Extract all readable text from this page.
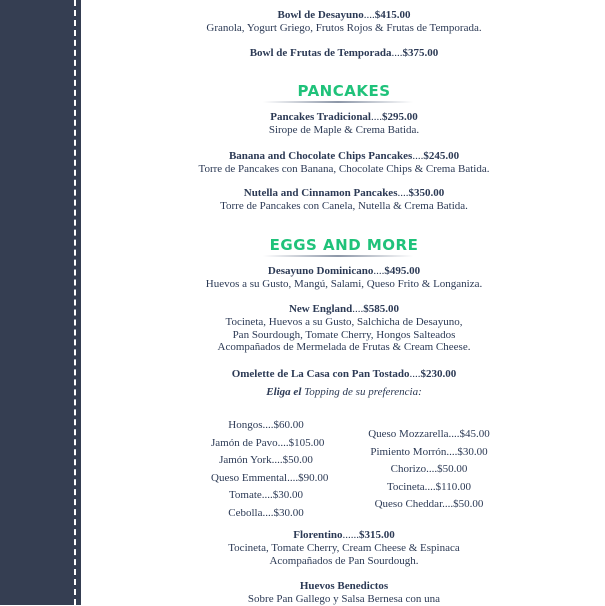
Bowl de Desayuno....$415.00
Granola, Yogurt Griego, Frutos Rojos & Frutas de Temporada.
Bowl de Frutas de Temporada....$375.00
PANCAKES
Pancakes Tradicional....$295.00
Sirope de Maple & Crema Batida.
Banana and Chocolate Chips Pancakes....$245.00
Torre de Pancakes con Banana, Chocolate Chips & Crema Batida.
Nutella and Cinnamon Pancakes....$350.00
Torre de Pancakes con Canela, Nutella & Crema Batida.
EGGS AND MORE
Desayuno Dominicano....$495.00
Huevos a su Gusto, Mangú, Salami, Queso Frito & Longaniza.
New England....$585.00
Tocineta, Huevos a su Gusto, Salchicha de Desayuno,
Pan Sourdough, Tomate Cherry, Hongos Salteados
Acompañados de Mermelada de Frutas & Cream Cheese.
Omelette de La Casa con Pan Tostado....$230.00
Eliga el Topping de su preferencia:
Hongos....$60.00
Jamón de Pavo....$105.00
Jamón York....$50.00
Queso Emmental....$90.00
Tomate....$30.00
Cebolla....$30.00
Queso Mozzarella....$45.00
Pimiento Morrón....$30.00
Chorizo....$50.00
Tocineta....$110.00
Queso Cheddar....$50.00
Florentino......$315.00
Tocineta, Tomate Cherry, Cream Cheese & Espinaca
Acompañados de Pan Sourdough.
Huevos Benedictos
Sobre Pan Gallego y Salsa Bernesa con una
